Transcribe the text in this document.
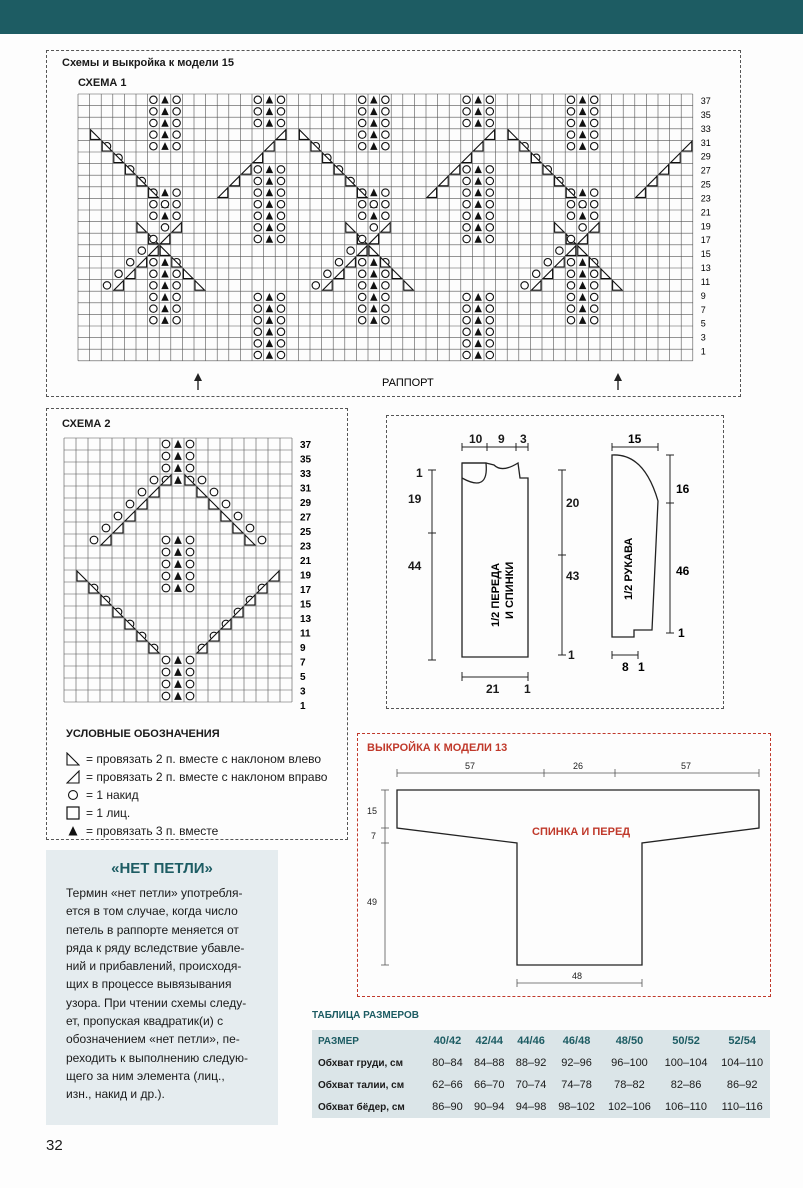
Схемы и выкройка к модели 15
СХЕМА 1
37
35
33
31
29
27
25
23
21
19
17
15
13
11
9
7
5
3
1
РАППОРТ
СХЕМА 2
37
35
33
31
29
27
25
23
21
19
17
15
13
11
9
7
5
3
1
УСЛОВНЫЕ ОБОЗНАЧЕНИЯ
= провязать 2 п. вместе с наклоном влево
= провязать 2 п. вместе с наклоном вправо
= 1 накид
= 1 лиц.
= провязать 3 п. вместе
10 9 3
1
19
44
20
43
1
21 1
1/2 ПЕРЕДА И СПИНКИ
15
16
46
1
8 1
1/2 РУКАВА
ВЫКРОЙКА К МОДЕЛИ 13
57	26	57
15
7
49
48
СПИНКА И ПЕРЕД
«НЕТ ПЕТЛИ»
Термин «нет петли» употребля-
ется в том случае, когда число
петель в раппорте меняется от
ряда к ряду вследствие убавле-
ний и прибавлений, происходя-
щих в процессе вывязывания
узора. При чтении схемы следу-
ет, пропуская квадратик(и) с
обозначением «нет петли», пе-
реходить к выполнению следую-
щего за ним элемента (лиц.,
изн., накид и др.).
ТАБЛИЦА РАЗМЕРОВ
РАЗМЕР	40/42	42/44	44/46	46/48	48/50	50/52	52/54
Обхват груди, см	80–84	84–88	88–92	92–96	96–100	100–104	104–110
Обхват талии, см	62–66	66–70	70–74	74–78	78–82	82–86	86–92
Обхват бёдер, см	86–90	90–94	94–98	98–102	102–106	106–110	110–116
32
